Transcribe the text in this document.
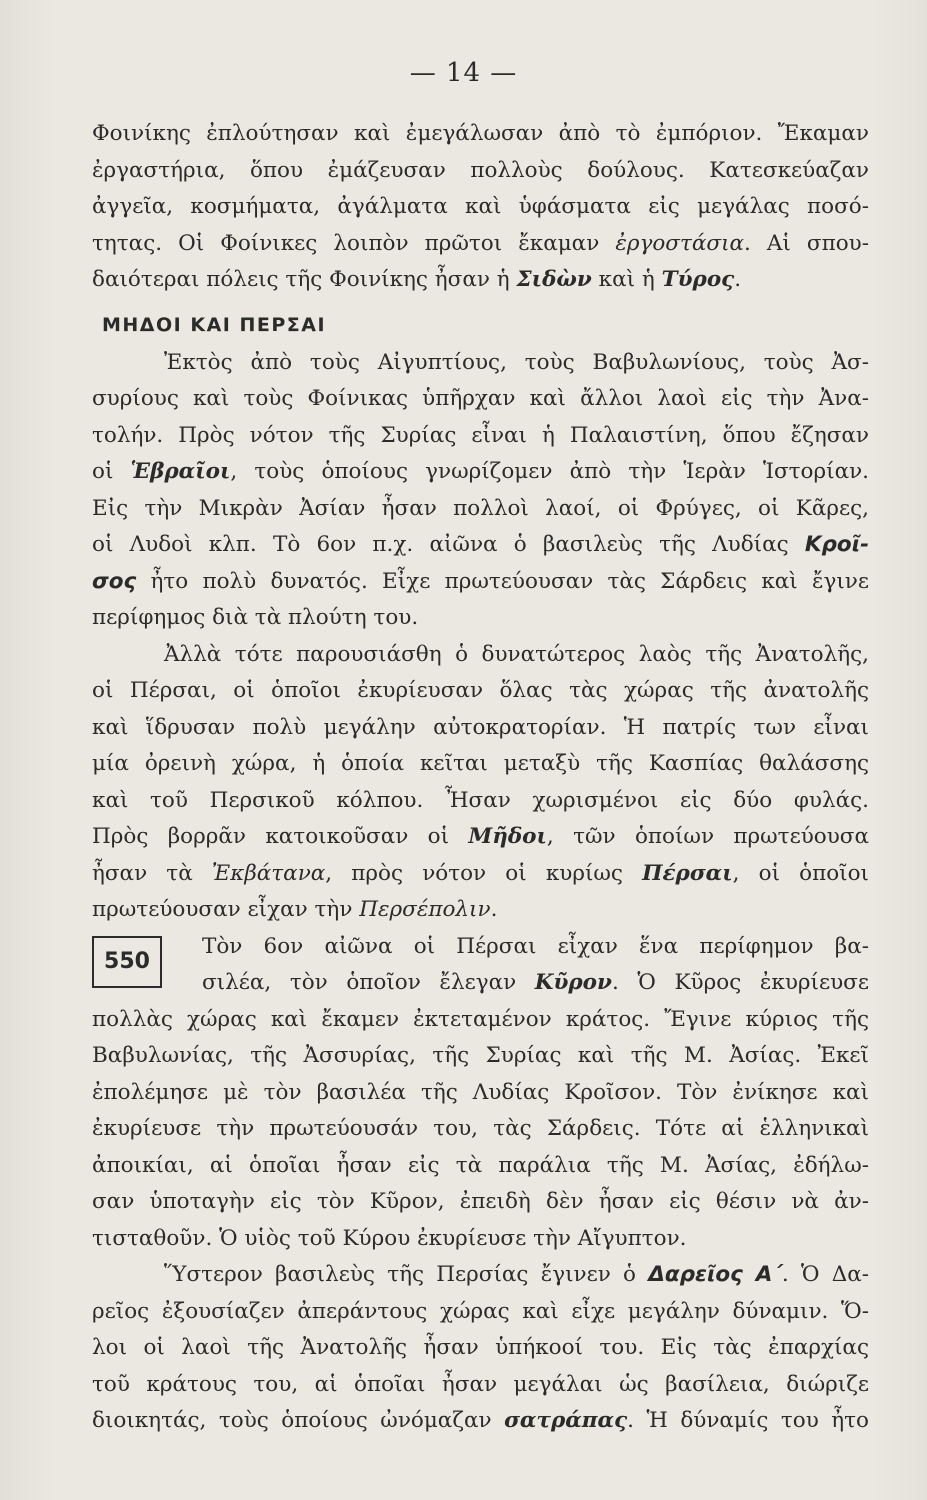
— 14 —
Φοινίκης ἐπλούτησαν καὶ ἐμεγάλωσαν ἀπὸ τὸ ἐμπόριον. Ἔκαμαν
ἐργαστήρια, ὅπου ἐμάζευσαν πολλοὺς δούλους. Κατεσκεύαζαν
ἀγγεῖα, κοσμήματα, ἀγάλματα καὶ ὑφάσματα εἰς μεγάλας ποσό-
τητας. Οἱ Φοίνικες λοιπὸν πρῶτοι ἔκαμαν ἐργοστάσια. Αἱ σπου-
δαιότεραι πόλεις τῆς Φοινίκης ἦσαν ἡ Σιδὼν καὶ ἡ Τύρος.
ΜΗΔΟΙ ΚΑΙ ΠΕΡΣΑΙ
Ἐκτὸς ἀπὸ τοὺς Αἰγυπτίους, τοὺς Βαβυλωνίους, τοὺς Ἀσ-
συρίους καὶ τοὺς Φοίνικας ὑπῆρχαν καὶ ἄλλοι λαοὶ εἰς τὴν Ἀνα-
τολήν. Πρὸς νότον τῆς Συρίας εἶναι ἡ Παλαιστίνη, ὅπου ἔζησαν
οἱ Ἑβραῖοι, τοὺς ὁποίους γνωρίζομεν ἀπὸ τὴν Ἱερὰν Ἱστορίαν.
Εἰς τὴν Μικρὰν Ἀσίαν ἦσαν πολλοὶ λαοί, οἱ Φρύγες, οἱ Κᾶρες,
οἱ Λυδοὶ κλπ. Τὸ 6ον π.χ. αἰῶνα ὁ βασιλεὺς τῆς Λυδίας Κροῖ-
σος ἦτο πολὺ δυνατός. Εἶχε πρωτεύουσαν τὰς Σάρδεις καὶ ἔγινε
περίφημος διὰ τὰ πλούτη του.
Ἀλλὰ τότε παρουσιάσθη ὁ δυνατώτερος λαὸς τῆς Ἀνατολῆς,
οἱ Πέρσαι, οἱ ὁποῖοι ἐκυρίευσαν ὅλας τὰς χώρας τῆς ἀνατολῆς
καὶ ἵδρυσαν πολὺ μεγάλην αὐτοκρατορίαν. Ἡ πατρίς των εἶναι
μία ὀρεινὴ χώρα, ἡ ὁποία κεῖται μεταξὺ τῆς Κασπίας θαλάσσης
καὶ τοῦ Περσικοῦ κόλπου. Ἦσαν χωρισμένοι εἰς δύο φυλάς.
Πρὸς βορρᾶν κατοικοῦσαν οἱ Μῆδοι, τῶν ὁποίων πρωτεύουσα
ἦσαν τὰ Ἐκβάτανα, πρὸς νότον οἱ κυρίως Πέρσαι, οἱ ὁποῖοι
πρωτεύουσαν εἶχαν τὴν Περσέπολιν.
Τὸν 6ον αἰῶνα οἱ Πέρσαι εἶχαν ἕνα περίφημον βα-
σιλέα, τὸν ὁποῖον ἔλεγαν Κῦρον. Ὁ Κῦρος ἐκυρίευσε
πολλὰς χώρας καὶ ἔκαμεν ἐκτεταμένον κράτος. Ἔγινε κύριος τῆς
Βαβυλωνίας, τῆς Ἀσσυρίας, τῆς Συρίας καὶ τῆς Μ. Ἀσίας. Ἐκεῖ
ἐπολέμησε μὲ τὸν βασιλέα τῆς Λυδίας Κροῖσον. Τὸν ἐνίκησε καὶ
ἐκυρίευσε τὴν πρωτεύουσάν του, τὰς Σάρδεις. Τότε αἱ ἑλληνικαὶ
ἀποικίαι, αἱ ὁποῖαι ἦσαν εἰς τὰ παράλια τῆς Μ. Ἀσίας, ἐδήλω-
σαν ὑποταγὴν εἰς τὸν Κῦρον, ἐπειδὴ δὲν ἦσαν εἰς θέσιν νὰ ἀν-
τισταθοῦν. Ὁ υἱὸς τοῦ Κύρου ἐκυρίευσε τὴν Αἴγυπτον.
Ὕστερον βασιλεὺς τῆς Περσίας ἔγινεν ὁ Δαρεῖος Α΄. Ὁ Δα-
ρεῖος ἐξουσίαζεν ἀπεράντους χώρας καὶ εἶχε μεγάλην δύναμιν. Ὅ-
λοι οἱ λαοὶ τῆς Ἀνατολῆς ἦσαν ὑπήκοοί του. Εἰς τὰς ἐπαρχίας
τοῦ κράτους του, αἱ ὁποῖαι ἦσαν μεγάλαι ὡς βασίλεια, διώριζε
διοικητάς, τοὺς ὁποίους ὠνόμαζαν σατράπας. Ἡ δύναμίς του ἦτο
550
